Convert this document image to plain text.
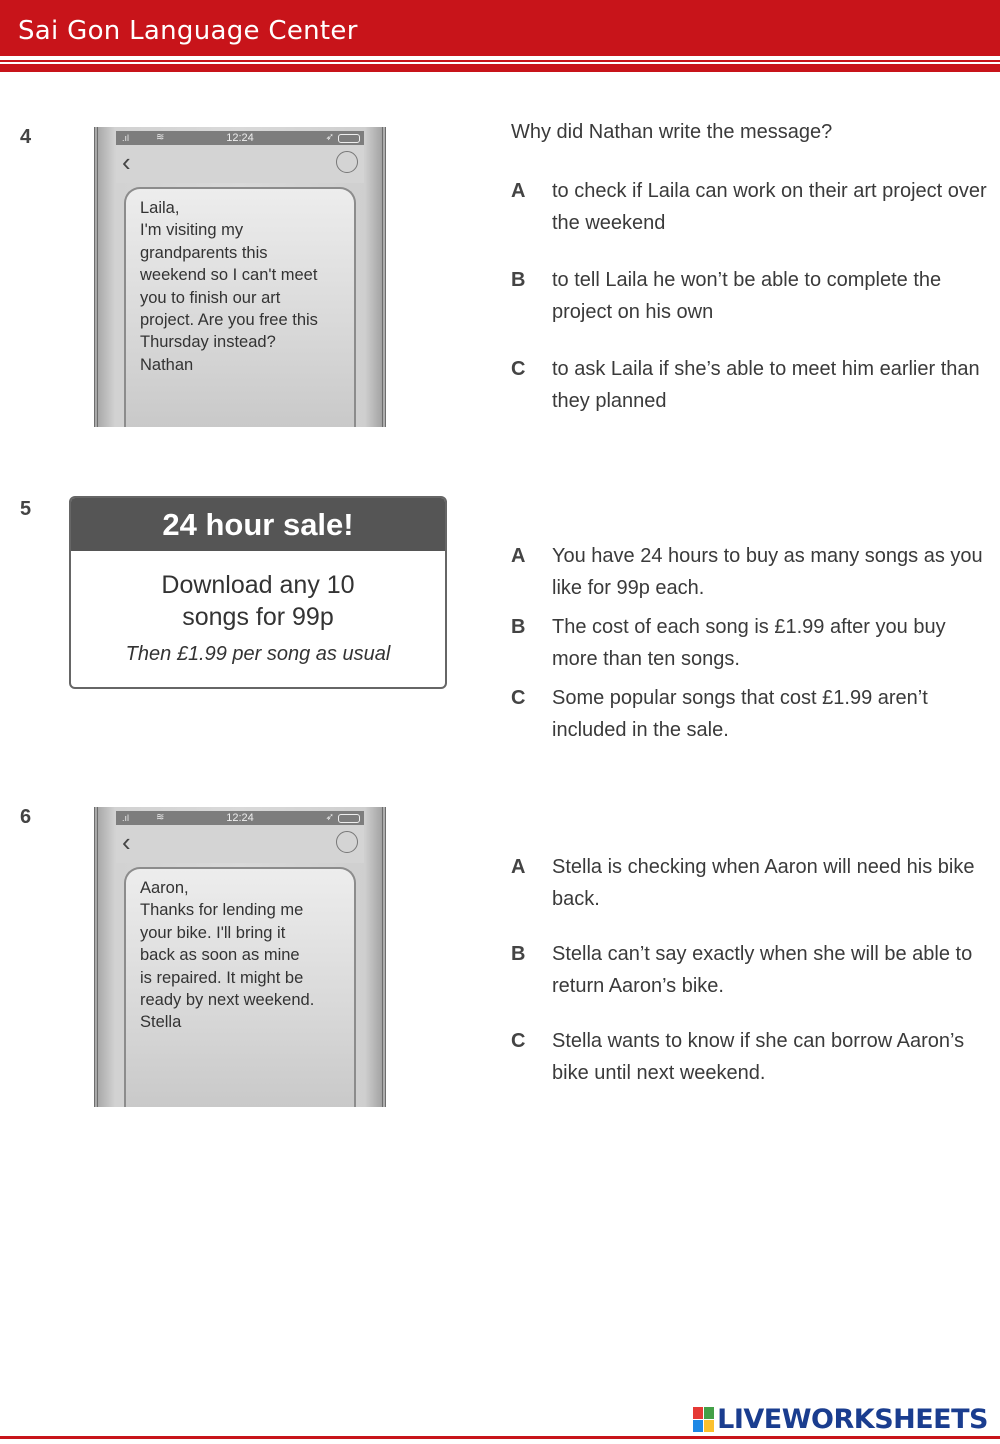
Sai Gon Language Center
4	.ıl	≋	12:24	➶
‹
Laila,
I'm visiting my
grandparents this
weekend so I can't meet
you to finish our art
project. Are you free this
Thursday instead?
Nathan
Why did Nathan write the message?
A to check if Laila can work on their art project over the weekend
B to tell Laila he won’t be able to complete the project on his own
C to ask Laila if she’s able to meet him earlier than they planned
5	24 hour sale!
Download any 10
songs for 99p
Then £1.99 per song as usual
A You have 24 hours to buy as many songs as you like for 99p each.
B The cost of each song is £1.99 after you buy more than ten songs.
C Some popular songs that cost £1.99 aren’t included in the sale.
6	.ıl	≋	12:24	➶
‹
Aaron,
Thanks for lending me
your bike. I'll bring it
back as soon as mine
is repaired. It might be
ready by next weekend.
Stella
A Stella is checking when Aaron will need his bike back.
B Stella can’t say exactly when she will be able to return Aaron’s bike.
C Stella wants to know if she can borrow Aaron’s bike until next weekend.
LIVEWORKSHEETS
